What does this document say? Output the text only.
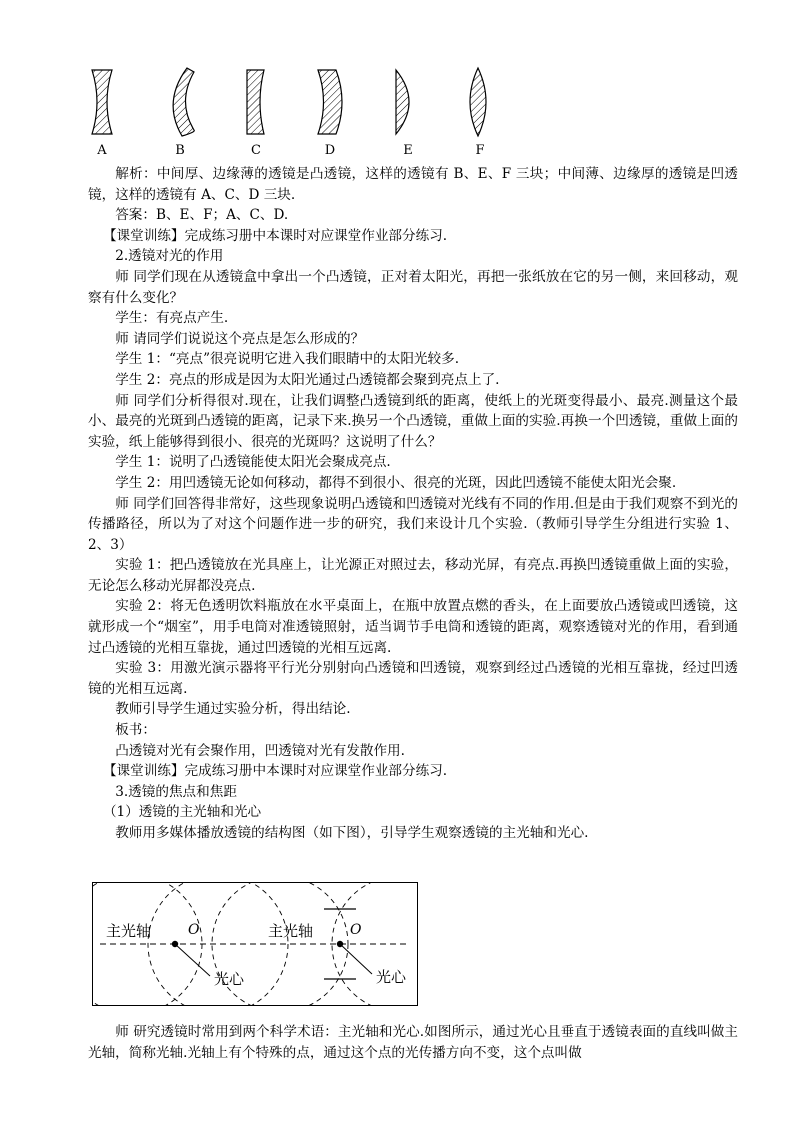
A	B	C	D	E	F

解析：中间厚、边缘薄的透镜是凸透镜，这样的透镜有 B、E、F 三块；中间薄、边缘厚的透镜是凹透镜，这样的透镜有 A、C、D 三块.

答案：B、E、F；A、C、D.

【课堂训练】完成练习册中本课时对应课堂作业部分练习.

2.透镜对光的作用

师 同学们现在从透镜盒中拿出一个凸透镜，正对着太阳光，再把一张纸放在它的另一侧，来回移动，观察有什么变化？

学生：有亮点产生.

师 请同学们说说这个亮点是怎么形成的？

学生 1：“亮点”很亮说明它进入我们眼睛中的太阳光较多.

学生 2：亮点的形成是因为太阳光通过凸透镜都会聚到亮点上了.

师 同学们分析得很对.现在，让我们调整凸透镜到纸的距离，使纸上的光斑变得最小、最亮.测量这个最小、最亮的光斑到凸透镜的距离，记录下来.换另一个凸透镜，重做上面的实验.再换一个凹透镜，重做上面的实验，纸上能够得到很小、很亮的光斑吗？这说明了什么？

学生 1：说明了凸透镜能使太阳光会聚成亮点.

学生 2：用凹透镜无论如何移动，都得不到很小、很亮的光斑，因此凹透镜不能使太阳光会聚.

师 同学们回答得非常好，这些现象说明凸透镜和凹透镜对光线有不同的作用.但是由于我们观察不到光的传播路径，所以为了对这个问题作进一步的研究，我们来设计几个实验.（教师引导学生分组进行实验 1、2、3）

实验 1：把凸透镜放在光具座上，让光源正对照过去，移动光屏，有亮点.再换凹透镜重做上面的实验，无论怎么移动光屏都没亮点.

实验 2：将无色透明饮料瓶放在水平桌面上，在瓶中放置点燃的香头，在上面要放凸透镜或凹透镜，这就形成一个“烟室”，用手电筒对准透镜照射，适当调节手电筒和透镜的距离，观察透镜对光的作用，看到通过凸透镜的光相互靠拢，通过凹透镜的光相互远离.

实验 3：用激光演示器将平行光分别射向凸透镜和凹透镜，观察到经过凸透镜的光相互靠拢，经过凹透镜的光相互远离.

教师引导学生通过实验分析，得出结论.

板书：

凸透镜对光有会聚作用，凹透镜对光有发散作用.

【课堂训练】完成练习册中本课时对应课堂作业部分练习.

3.透镜的焦点和焦距

（1）透镜的主光轴和光心

教师用多媒体播放透镜的结构图（如下图），引导学生观察透镜的主光轴和光心.

主光轴	O
光心
主光轴	O
光心

师 研究透镜时常用到两个科学术语：主光轴和光心.如图所示，通过光心且垂直于透镜表面的直线叫做主光轴，简称光轴.光轴上有个特殊的点，通过这个点的光传播方向不变，这个点叫做
